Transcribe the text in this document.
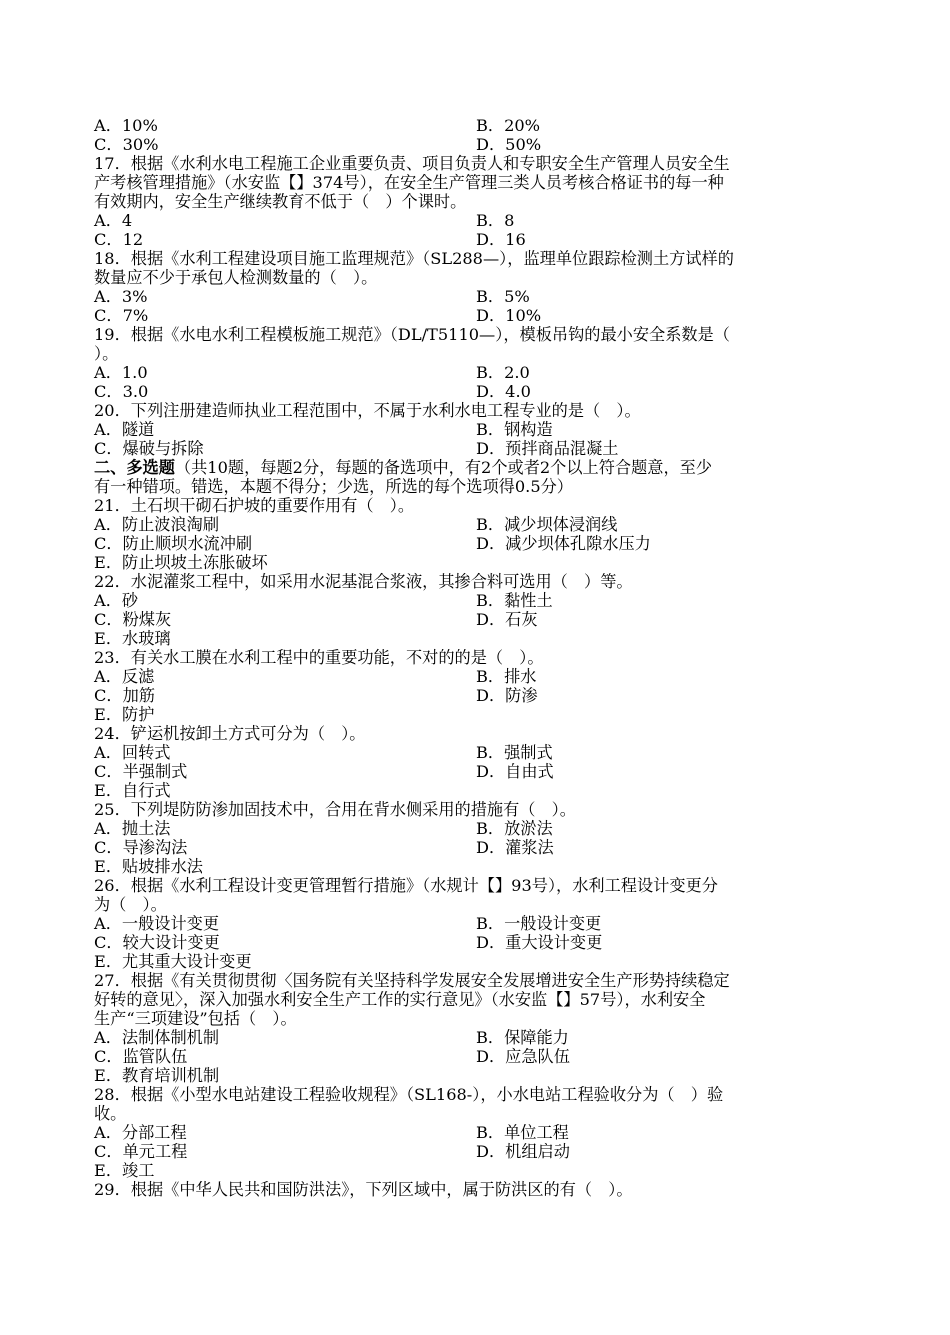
A．10%	B．20%
C．30%	D．50%
17．根据《水利水电工程施工企业重要负责、项目负责人和专职安全生产管理人员安全生
产考核管理措施》（水安监【】374号），在安全生产管理三类人员考核合格证书的每一种
有效期内，安全生产继续教育不低于（　）个课时。
A．4	B．8
C．12	D．16
18．根据《水利工程建设项目施工监理规范》（SL288—），监理单位跟踪检测土方试样的
数量应不少于承包人检测数量的（　）。
A．3%	B．5%
C．7%	D．10%
19．根据《水电水利工程模板施工规范》（DL/T5110—），模板吊钩的最小安全系数是（
）。
A．1.0	B．2.0
C．3.0	D．4.0
20．下列注册建造师执业工程范围中，不属于水利水电工程专业的是（　）。
A．隧道	B．钢构造
C．爆破与拆除	D．预拌商品混凝土
二、多选题（共10题，每题2分，每题的备选项中，有2个或者2个以上符合题意，至少
有一种错项。错选，本题不得分；少选，所选的每个选项得0.5分）
21．土石坝干砌石护坡的重要作用有（　）。
A．防止波浪淘刷	B．减少坝体浸润线
C．防止顺坝水流冲刷	D．减少坝体孔隙水压力
E．防止坝坡土冻胀破坏
22．水泥灌浆工程中，如采用水泥基混合浆液，其掺合料可选用（　）等。
A．砂	B．黏性土
C．粉煤灰	D．石灰
E．水玻璃
23．有关水工膜在水利工程中的重要功能，不对的的是（　）。
A．反滤	B．排水
C．加筋	D．防渗
E．防护
24．铲运机按卸土方式可分为（　）。
A．回转式	B．强制式
C．半强制式	D．自由式
E．自行式
25．下列堤防防渗加固技术中，合用在背水侧采用的措施有（　）。
A．抛土法	B．放淤法
C．导渗沟法	D．灌浆法
E．贴坡排水法
26．根据《水利工程设计变更管理暂行措施》（水规计【】93号），水利工程设计变更分
为（　）。
A．一般设计变更	B．一般设计变更
C．较大设计变更	D．重大设计变更
E．尤其重大设计变更
27．根据《有关贯彻贯彻〈国务院有关坚持科学发展安全发展增进安全生产形势持续稳定
好转的意见〉，深入加强水利安全生产工作的实行意见》（水安监【】57号），水利安全
生产“三项建设”包括（　）。
A．法制体制机制	B．保障能力
C．监管队伍	D．应急队伍
E．教育培训机制
28．根据《小型水电站建设工程验收规程》（SL168-），小水电站工程验收分为（　）验
收。
A．分部工程	B．单位工程
C．单元工程	D．机组启动
E．竣工
29．根据《中华人民共和国防洪法》，下列区域中，属于防洪区的有（　）。
